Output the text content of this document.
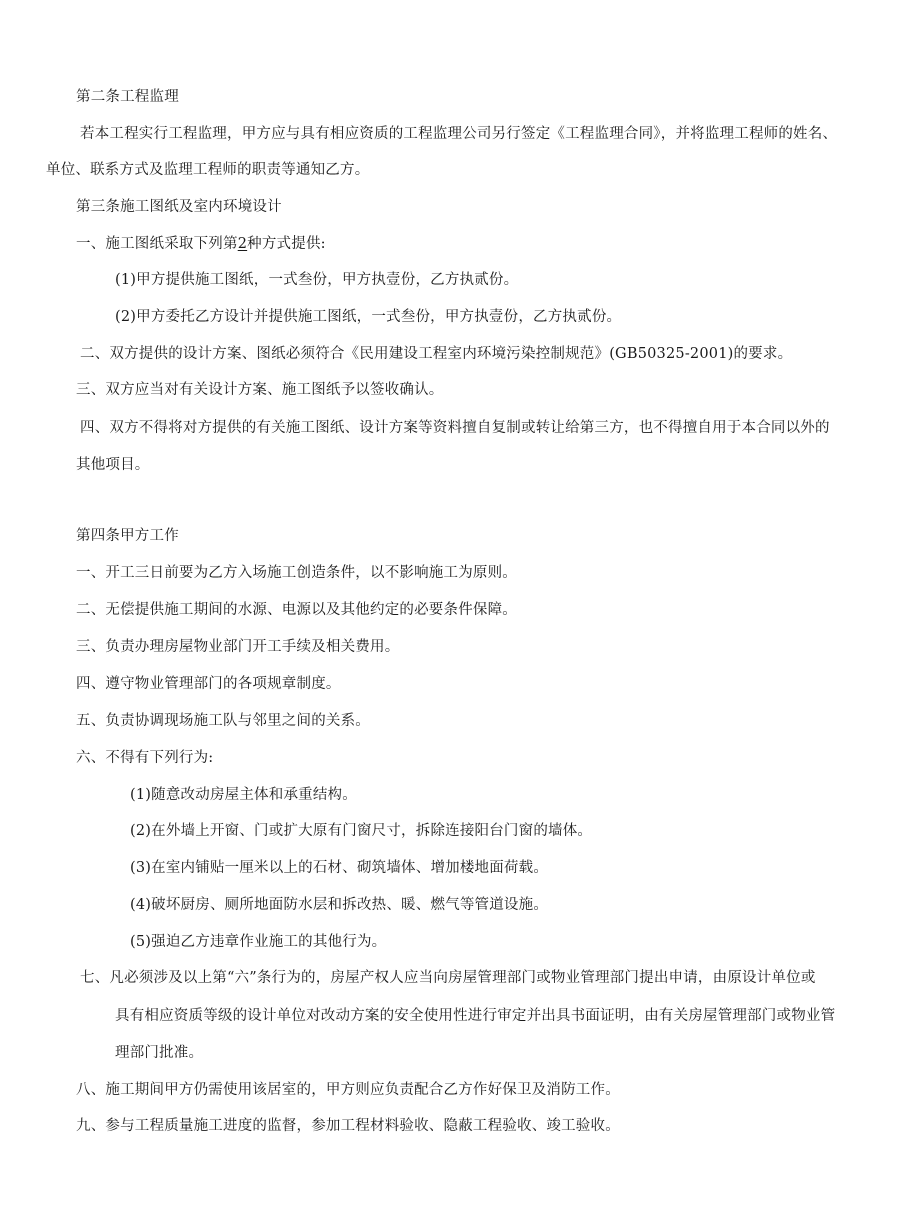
第二条工程监理
若本工程实行工程监理，甲方应与具有相应资质的工程监理公司另行签定《工程监理合同》，并将监理工程师的姓名、
单位、联系方式及监理工程师的职责等通知乙方。
第三条施工图纸及室内环境设计
一、施工图纸采取下列第2种方式提供:
(1)甲方提供施工图纸，一式叁份，甲方执壹份，乙方执贰份。
(2)甲方委托乙方设计并提供施工图纸，一式叁份，甲方执壹份，乙方执贰份。
二、双方提供的设计方案、图纸必须符合《民用建设工程室内环境污染控制规范》(GB50325-2001)的要求。
三、双方应当对有关设计方案、施工图纸予以签收确认。
四、双方不得将对方提供的有关施工图纸、设计方案等资料擅自复制或转让给第三方，也不得擅自用于本合同以外的
其他项目。
第四条甲方工作
一、开工三日前要为乙方入场施工创造条件，以不影响施工为原则。
二、无偿提供施工期间的水源、电源以及其他约定的必要条件保障。
三、负责办理房屋物业部门开工手续及相关费用。
四、遵守物业管理部门的各项规章制度。
五、负责协调现场施工队与邻里之间的关系。
六、不得有下列行为:
(1)随意改动房屋主体和承重结构。
(2)在外墙上开窗、门或扩大原有门窗尺寸，拆除连接阳台门窗的墙体。
(3)在室内铺贴一厘米以上的石材、砌筑墙体、增加楼地面荷载。
(4)破坏厨房、厕所地面防水层和拆改热、暖、燃气等管道设施。
(5)强迫乙方违章作业施工的其他行为。
七、凡必须涉及以上第“六”条行为的，房屋产权人应当向房屋管理部门或物业管理部门提出申请，由原设计单位或
具有相应资质等级的设计单位对改动方案的安全使用性进行审定并出具书面证明，由有关房屋管理部门或物业管
理部门批准。
八、施工期间甲方仍需使用该居室的，甲方则应负责配合乙方作好保卫及消防工作。
九、参与工程质量施工进度的监督，参加工程材料验收、隐蔽工程验收、竣工验收。
